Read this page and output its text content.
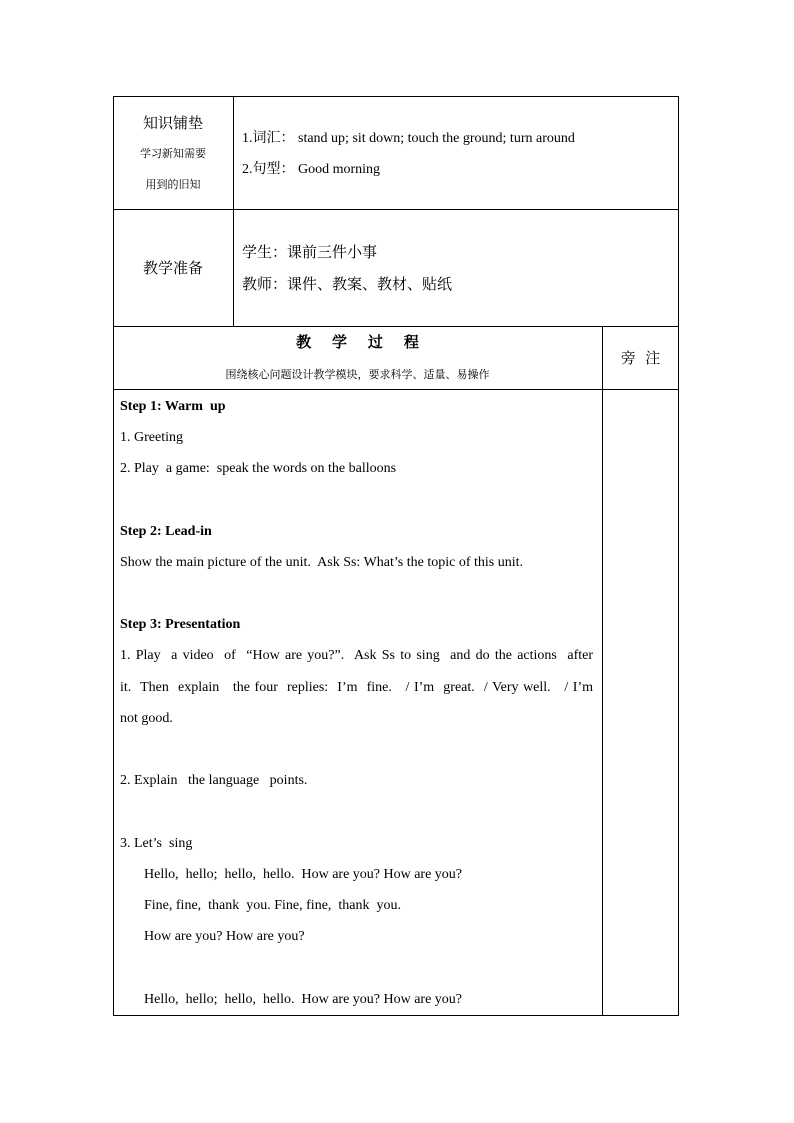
知识铺垫
学习新知需要
用到的旧知
1.词汇： stand up; sit down; touch the ground; turn around
2.句型： Good morning
教学准备
学生：课前三件小事
教师：课件、教案、教材、贴纸
教    学    过    程
围绕核心问题设计教学模块，要求科学、适量、易操作
旁  注
Step 1: Warm  up
1. Greeting
2. Play  a game:  speak the words on the balloons
Step 2: Lead-in
Show the main picture of the unit.  Ask Ss: What’s the topic of this unit.
Step 3: Presentation
1. Play  a video  of  “How are you?”.  Ask Ss to sing  and do the actions  after
it.  Then  explain   the four  replies:  I’m  fine.   / I’m  great.  / Very well.   / I’m
not good.
2. Explain   the language   points.
3. Let’s  sing
Hello,  hello;  hello,  hello.  How are you? How are you?
Fine, fine,  thank  you. Fine, fine,  thank  you.
How are you? How are you?
Hello,  hello;  hello,  hello.  How are you? How are you?
